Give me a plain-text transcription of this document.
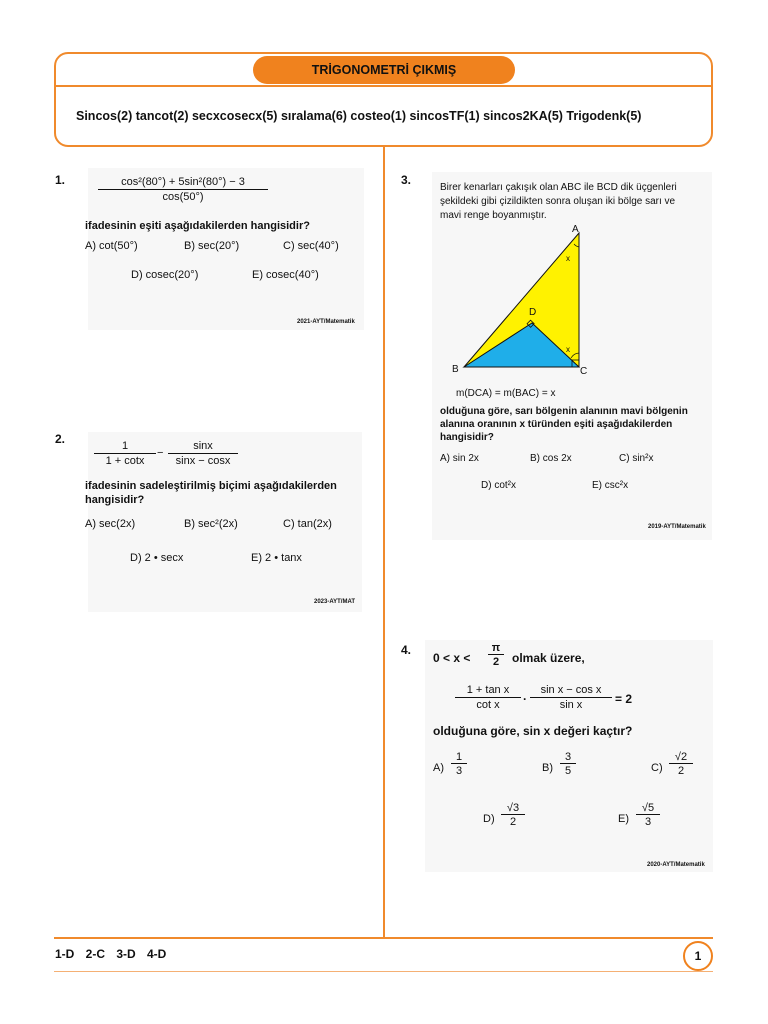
TRİGONOMETRİ ÇIKMIŞ
Sincos(2) tancot(2) secxcosecx(5) sıralama(6) costeo(1) sincosTF(1) sincos2KA(5) Trigodenk(5)
1.	$\frac{\text{cos²(80°) + 5sin²(80°) − 3}}{\cos(50^\circ)}$
ifadesinin eşiti aşağıdakilerden hangisidir?
A) cot(50°)	B) sec(20°)	C) sec(40°)
D) cosec(20°)	E) cosec(40°)
2021-AYT/Matematik
2.
$\frac{1}{1 + \cot x} - \frac{\sin x}{\sin x - \cos x}$
ifadesinin sadeleştirilmiş biçimi aşağıdakilerden
hangisidir?
A) sec(2x)	B) sec²(2x)	C) tan(2x)
D) 2 • secx	E) 2 • tanx
2023-AYT/MAT
3.
Birer kenarları çakışık olan ABC ile BCD dik üçgenleri
şekildeki gibi çizildikten sonra oluşan iki bölge sarı ve
mavi renge boyanmıştır.
A
B	C
D
x
x
m(DCA) = m(BAC) = x
olduğuna göre, sarı bölgenin alanının mavi bölgenin
alanına oranının x türünden eşiti aşağıdakilerden
hangisidir?
A) sin 2x	B) cos 2x	C) sin²x
D) cot²x	E) csc²x
2019-AYT/Matematik
4.
$0 < x < \frac{\pi}{2}$ olmak üzere,
$\frac{\text{1 + tan x}}{\text{cot x}} \cdot \frac{\text{sin x − cos x}}{\text{sin x}} = 2$
olduğuna göre, sin x değeri kaçtır?
$A) \frac{1}{3}$	$B) \frac{3}{5}$	$C) \frac{√2}{2}$
$D) \frac{√3}{2}$	$E) \frac{√5}{3}$
2020-AYT/Matematik
1-D 2-C 3-D 4-D	1
